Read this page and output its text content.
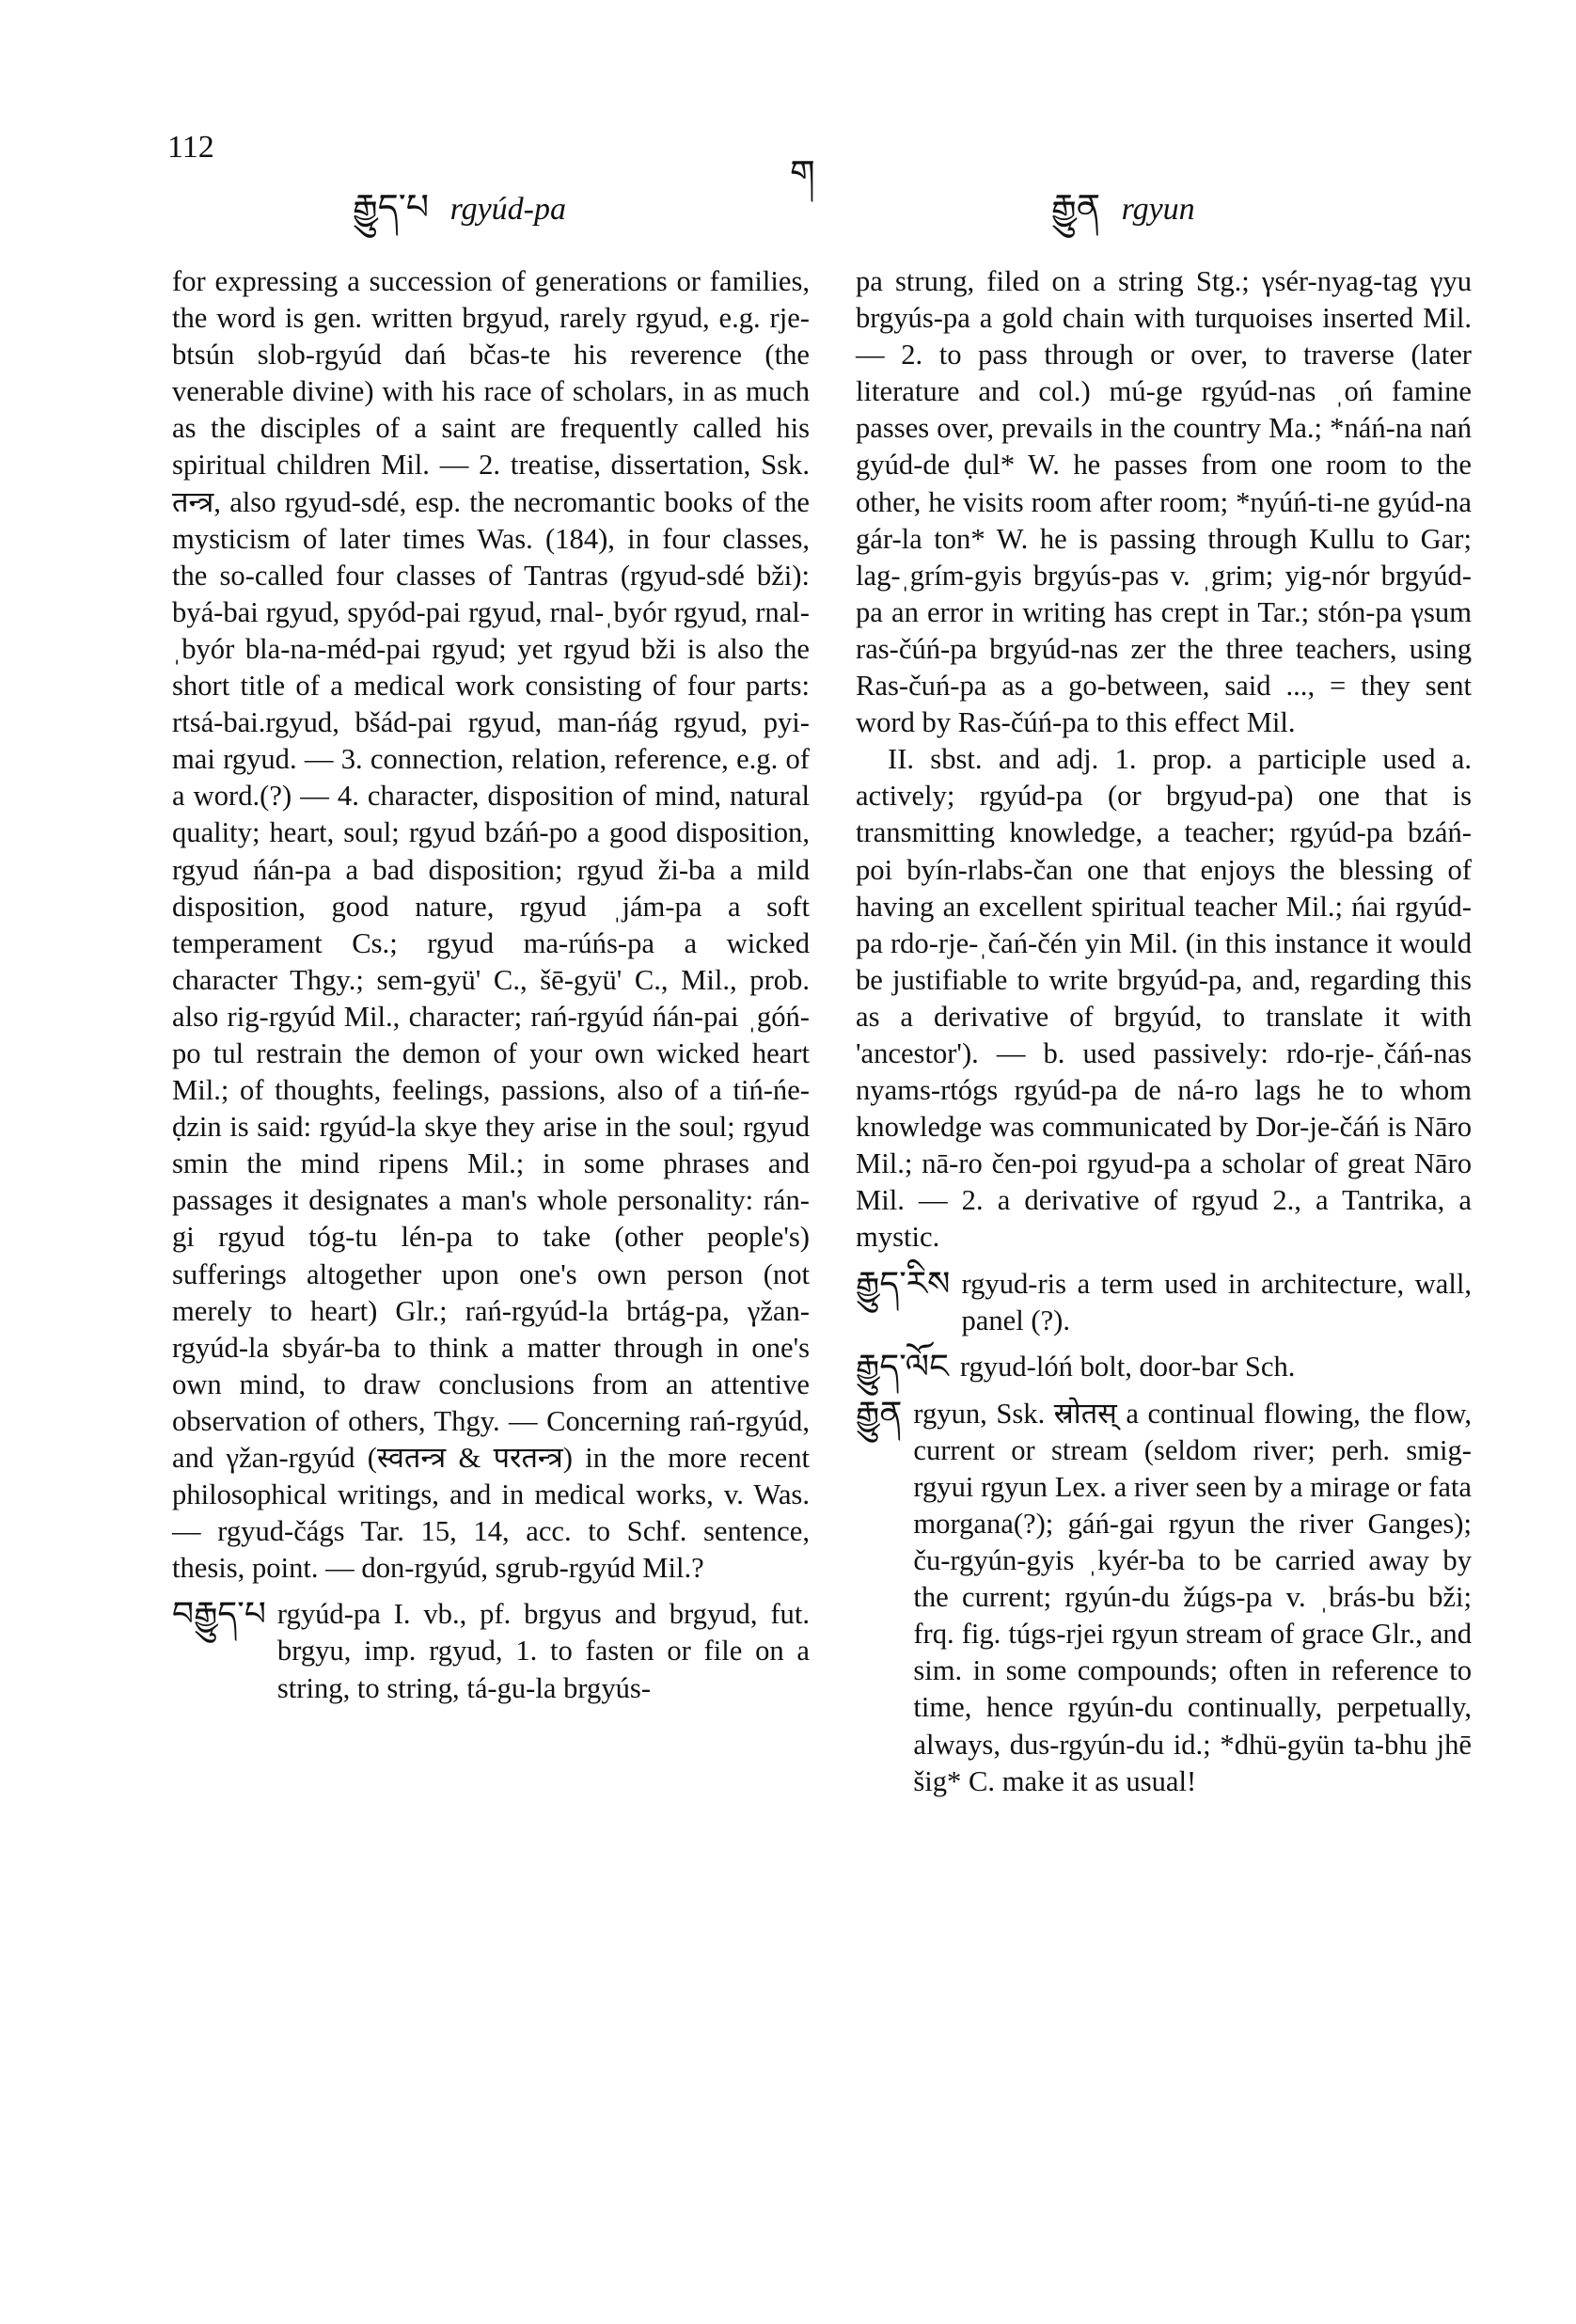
112
རྒྱུད་པ rgyúd-pa
ག
རྒྱུན rgyun

for expressing a succession of generations or families, the word is gen. written brgyud, rarely rgyud, e.g. rje-btsún slob-rgyúd dań bčas-te his reverence (the venerable divine) with his race of scholars, in as much as the disciples of a saint are frequently called his spiritual children Mil. — 2. treatise, dissertation, Ssk. तन्त्र, also rgyud-sdé, esp. the necromantic books of the mysticism of later times Was. (184), in four classes, the so-called four classes of Tantras (rgyud-sdé bži): byá-bai rgyud, spyód-pai rgyud, rnal-ˌbyór rgyud, rnal-ˌbyór bla-na-méd-pai rgyud; yet rgyud bži is also the short title of a medical work consisting of four parts: rtsá-bai.rgyud, bšád-pai rgyud, man-ńág rgyud, pyi-mai rgyud. — 3. connection, relation, reference, e.g. of a word.(?) — 4. character, disposition of mind, natural quality; heart, soul; rgyud bzáń-po a good disposition, rgyud ńán-pa a bad disposition; rgyud ži-ba a mild disposition, good nature, rgyud ˌjám-pa a soft temperament Cs.; rgyud ma-rúńs-pa a wicked character Thgy.; sem-gyü' C., šē-gyü' C., Mil., prob. also rig-rgyúd Mil., character; rań-rgyúd ńán-pai ˌgóń-po tul restrain the demon of your own wicked heart Mil.; of thoughts, feelings, passions, also of a tiń-ńe-ḍzin is said: rgyúd-la skye they arise in the soul; rgyud smin the mind ripens Mil.; in some phrases and passages it designates a man's whole personality: rán-gi rgyud tóg-tu lén-pa to take (other people's) sufferings altogether upon one's own person (not merely to heart) Glr.; rań-rgyúd-la brtág-pa, γžan-rgyúd-la sbyár-ba to think a matter through in one's own mind, to draw conclusions from an attentive observation of others, Thgy. — Concerning rań-rgyúd, and γžan-rgyúd (स्वतन्त्र & परतन्त्र) in the more recent philosophical writings, and in medical works, v. Was. — rgyud-čágs Tar. 15, 14, acc. to Schf. sentence, thesis, point. — don-rgyúd, sgrub-rgyúd Mil.?

བརྒྱུད་པ rgyúd-pa I. vb., pf. brgyus and brgyud, fut. brgyu, imp. rgyud, 1. to fasten or file on a string, to string, tá-gu-la brgyús-

pa strung, filed on a string Stg.; γsér-nyag-tag γyu brgyús-pa a gold chain with turquoises inserted Mil. — 2. to pass through or over, to traverse (later literature and col.) mú-ge rgyúd-nas ˌoń famine passes over, prevails in the country Ma.; *náń-na nań gyúd-de ḍul* W. he passes from one room to the other, he visits room after room; *nyúń-ti-ne gyúd-na gár-la ton* W. he is passing through Kullu to Gar; lag-ˌgrím-gyis brgyús-pas v. ˌgrim; yig-nór brgyúd-pa an error in writing has crept in Tar.; stón-pa γsum ras-čúń-pa brgyúd-nas zer the three teachers, using Ras-čuń-pa as a go-between, said ..., = they sent word by Ras-čúń-pa to this effect Mil.

II. sbst. and adj. 1. prop. a participle used a. actively; rgyúd-pa (or brgyud-pa) one that is transmitting knowledge, a teacher; rgyúd-pa bzáń-poi byín-rlabs-čan one that enjoys the blessing of having an excellent spiritual teacher Mil.; ńai rgyúd-pa rdo-rje-ˌčań-čén yin Mil. (in this instance it would be justifiable to write brgyúd-pa, and, regarding this as a derivative of brgyúd, to translate it with 'ancestor'). — b. used passively: rdo-rje-ˌčáń-nas nyams-rtógs rgyúd-pa de ná-ro lags he to whom knowledge was communicated by Dor-je-čáń is Nāro Mil.; nā-ro čen-poi rgyud-pa a scholar of great Nāro Mil. — 2. a derivative of rgyud 2., a Tantrika, a mystic.

རྒྱུད་རིས rgyud-ris a term used in architecture, wall, panel (?).
རྒྱུད་ལོང rgyud-lóń bolt, door-bar Sch.
རྒྱུན rgyun, Ssk. स्रोतस् a continual flowing, the flow, current or stream (seldom river; perh. smig-rgyui rgyun Lex. a river seen by a mirage or fata morgana(?); gáń-gai rgyun the river Ganges); ču-rgyún-gyis ˌkyér-ba to be carried away by the current; rgyún-du žúgs-pa v. ˌbrás-bu bži; frq. fig. túgs-rjei rgyun stream of grace Glr., and sim. in some compounds; often in reference to time, hence rgyún-du continually, perpetually, always, dus-rgyún-du id.; *dhü-gyün ta-bhu jhē šig* C. make it as usual!
